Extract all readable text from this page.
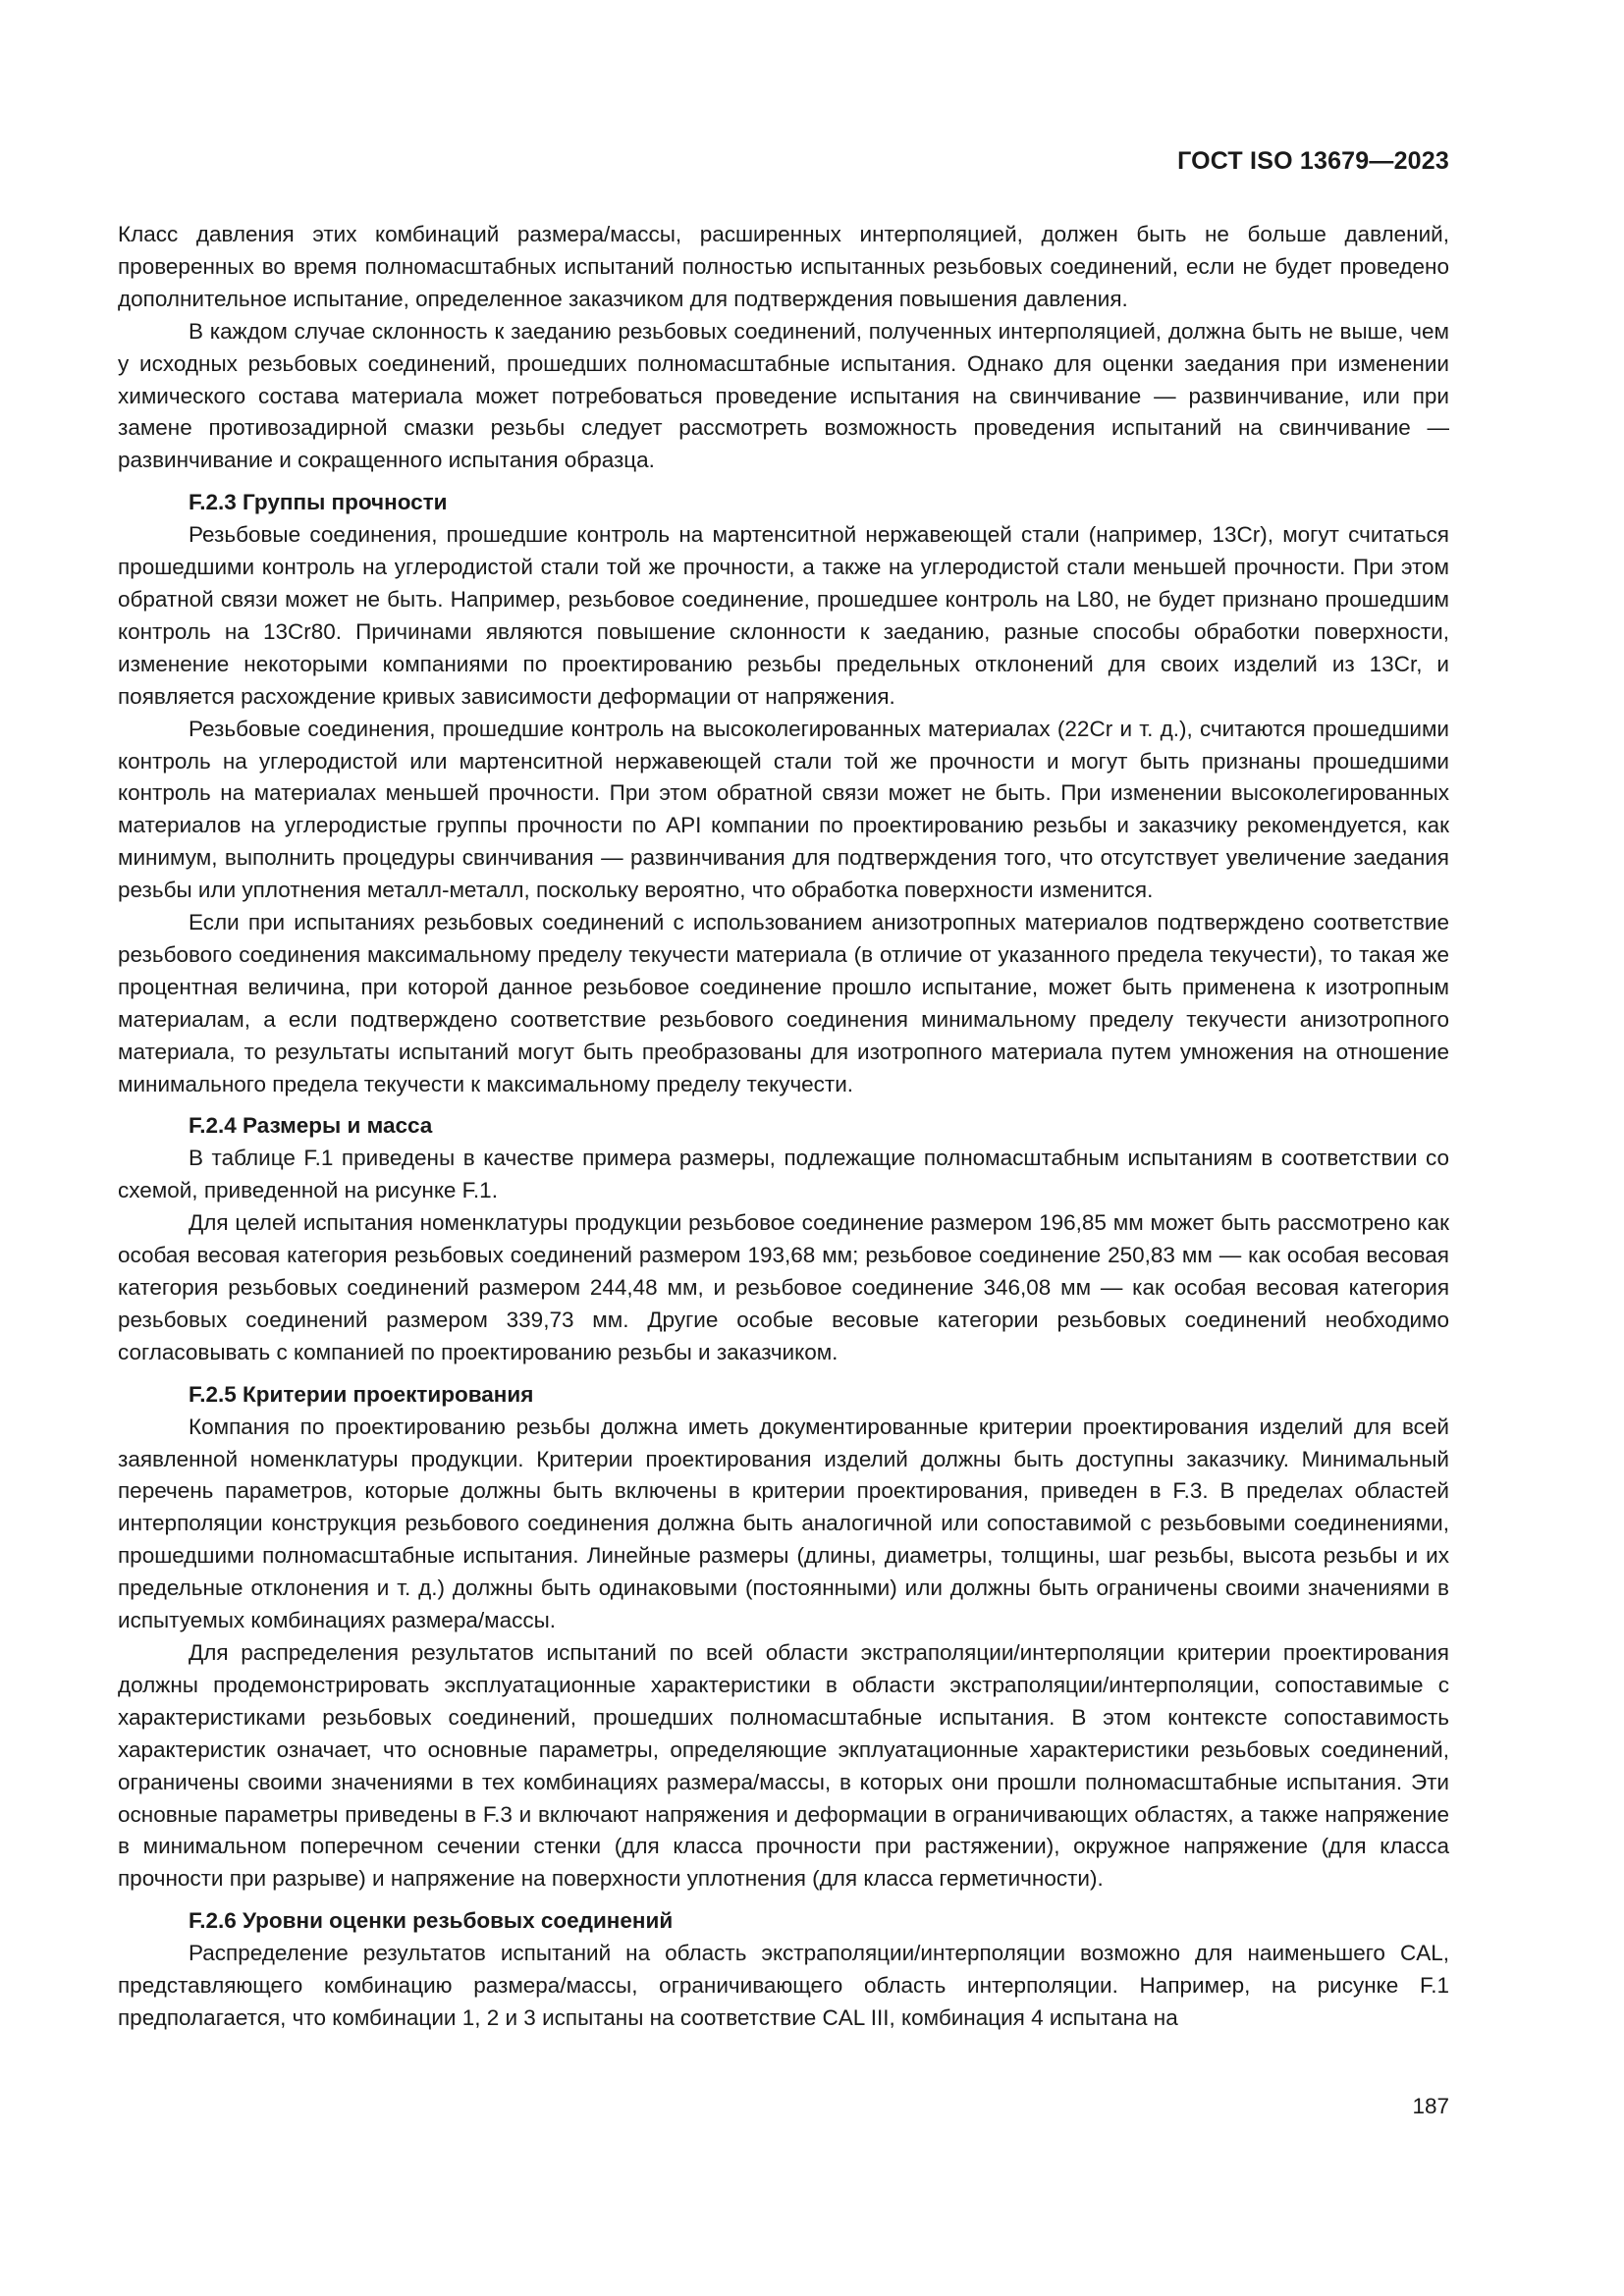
ГОСТ ISO 13679—2023

Класс давления этих комбинаций размера/массы, расширенных интерполяцией, должен быть не больше давлений, проверенных во время полномасштабных испытаний полностью испытанных резьбовых соединений, если не будет проведено дополнительное испытание, определенное заказчиком для подтверждения повышения давления.

В каждом случае склонность к заеданию резьбовых соединений, полученных интерполяцией, должна быть не выше, чем у исходных резьбовых соединений, прошедших полномасштабные испытания. Однако для оценки заедания при изменении химического состава материала может потребоваться проведение испытания на свинчивание — развинчивание, или при замене противозадирной смазки резьбы следует рассмотреть возможность проведения испытаний на свинчивание — развинчивание и сокращенного испытания образца.

F.2.3 Группы прочности

Резьбовые соединения, прошедшие контроль на мартенситной нержавеющей стали (например, 13Cr), могут считаться прошедшими контроль на углеродистой стали той же прочности, а также на углеродистой стали меньшей прочности. При этом обратной связи может не быть. Например, резьбовое соединение, прошедшее контроль на L80, не будет признано прошедшим контроль на 13Cr80. Причинами являются повышение склонности к заеданию, разные способы обработки поверхности, изменение некоторыми компаниями по проектированию резьбы предельных отклонений для своих изделий из 13Cr, и появляется расхождение кривых зависимости деформации от напряжения.

Резьбовые соединения, прошедшие контроль на высоколегированных материалах (22Cr и т. д.), считаются прошедшими контроль на углеродистой или мартенситной нержавеющей стали той же прочности и могут быть признаны прошедшими контроль на материалах меньшей прочности. При этом обратной связи может не быть. При изменении высоколегированных материалов на углеродистые группы прочности по API компании по проектированию резьбы и заказчику рекомендуется, как минимум, выполнить процедуры свинчивания — развинчивания для подтверждения того, что отсутствует увеличение заедания резьбы или уплотнения металл-металл, поскольку вероятно, что обработка поверхности изменится.

Если при испытаниях резьбовых соединений с использованием анизотропных материалов подтверждено соответствие резьбового соединения максимальному пределу текучести материала (в отличие от указанного предела текучести), то такая же процентная величина, при которой данное резьбовое соединение прошло испытание, может быть применена к изотропным материалам, а если подтверждено соответствие резьбового соединения минимальному пределу текучести анизотропного материала, то результаты испытаний могут быть преобразованы для изотропного материала путем умножения на отношение минимального предела текучести к максимальному пределу текучести.

F.2.4 Размеры и масса

В таблице F.1 приведены в качестве примера размеры, подлежащие полномасштабным испытаниям в соответствии со схемой, приведенной на рисунке F.1.

Для целей испытания номенклатуры продукции резьбовое соединение размером 196,85 мм может быть рассмотрено как особая весовая категория резьбовых соединений размером 193,68 мм; резьбовое соединение 250,83 мм — как особая весовая категория резьбовых соединений размером 244,48 мм, и резьбовое соединение 346,08 мм — как особая весовая категория резьбовых соединений размером 339,73 мм. Другие особые весовые категории резьбовых соединений необходимо согласовывать с компанией по проектированию резьбы и заказчиком.

F.2.5 Критерии проектирования

Компания по проектированию резьбы должна иметь документированные критерии проектирования изделий для всей заявленной номенклатуры продукции. Критерии проектирования изделий должны быть доступны заказчику. Минимальный перечень параметров, которые должны быть включены в критерии проектирования, приведен в F.3. В пределах областей интерполяции конструкция резьбового соединения должна быть аналогичной или сопоставимой с резьбовыми соединениями, прошедшими полномасштабные испытания. Линейные размеры (длины, диаметры, толщины, шаг резьбы, высота резьбы и их предельные отклонения и т. д.) должны быть одинаковыми (постоянными) или должны быть ограничены своими значениями в испытуемых комбинациях размера/массы.

Для распределения результатов испытаний по всей области экстраполяции/интерполяции критерии проектирования должны продемонстрировать эксплуатационные характеристики в области экстраполяции/интерполяции, сопоставимые с характеристиками резьбовых соединений, прошедших полномасштабные испытания. В этом контексте сопоставимость характеристик означает, что основные параметры, определяющие экплуатационные характеристики резьбовых соединений, ограничены своими значениями в тех комбинациях размера/массы, в которых они прошли полномасштабные испытания. Эти основные параметры приведены в F.3 и включают напряжения и деформации в ограничивающих областях, а также напряжение в минимальном поперечном сечении стенки (для класса прочности при растяжении), окружное напряжение (для класса прочности при разрыве) и напряжение на поверхности уплотнения (для класса герметичности).

F.2.6 Уровни оценки резьбовых соединений

Распределение результатов испытаний на область экстраполяции/интерполяции возможно для наименьшего CAL, представляющего комбинацию размера/массы, ограничивающего область интерполяции. Например, на рисунке F.1 предполагается, что комбинации 1, 2 и 3 испытаны на соответствие CAL III, комбинация 4 испытана на

187
